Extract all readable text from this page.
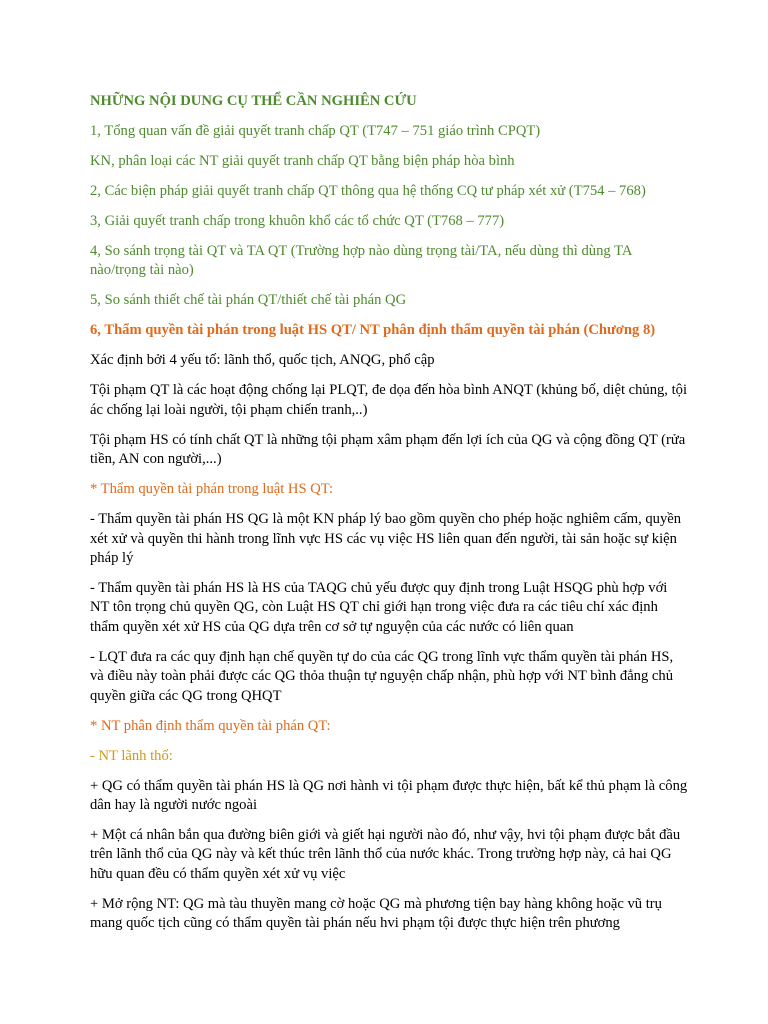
NHỮNG NỘI DUNG CỤ THỂ CẦN NGHIÊN CỨU

1, Tổng quan vấn đề giải quyết tranh chấp QT (T747 – 751 giáo trình CPQT)

KN, phân loại các NT giải quyết tranh chấp QT bằng biện pháp hòa bình

2, Các biện pháp giải quyết tranh chấp QT thông qua hệ thống CQ tư pháp xét xử (T754 – 768)

3, Giải quyết tranh chấp trong khuôn khổ các tổ chức QT (T768 – 777)

4, So sánh trọng tài QT và TA QT (Trường hợp nào dùng trọng tài/TA, nếu dùng thì dùng TA nào/trọng tài nào)

5, So sánh thiết chế tài phán QT/thiết chế tài phán QG

6, Thẩm quyền tài phán trong luật HS QT/ NT phân định thẩm quyền tài phán (Chương 8)

Xác định bởi 4 yếu tố: lãnh thổ, quốc tịch, ANQG, phổ cập

Tội phạm QT là các hoạt động chống lại PLQT, đe dọa đến hòa bình ANQT (khủng bố, diệt chủng, tội ác chống lại loài người, tội phạm chiến tranh,..)

Tội phạm HS có tính chất QT là những tội phạm xâm phạm đến lợi ích của QG và cộng đồng QT (rửa tiền, AN con người,...)

* Thẩm quyền tài phán trong luật HS QT:

- Thẩm quyền tài phán HS QG là một KN pháp lý bao gồm quyền cho phép hoặc nghiêm cấm, quyền xét xử và quyền thi hành trong lĩnh vực HS các vụ việc HS liên quan đến người, tài sản hoặc sự kiện pháp lý

- Thẩm quyền tài phán HS là HS của TAQG chủ yếu được quy định trong Luật HSQG phù hợp với NT tôn trọng chủ quyền QG, còn Luật HS QT chỉ giới hạn trong việc đưa ra các tiêu chí xác định thẩm quyền xét xử HS của QG dựa trên cơ sở tự nguyện của các nước có liên quan

- LQT đưa ra các quy định hạn chế quyền tự do của các QG trong lĩnh vực thẩm quyền tài phán HS, và điều này toàn phải được các QG thỏa thuận tự nguyện chấp nhận, phù hợp với NT bình đẳng chủ quyền giữa các QG trong QHQT

* NT phân định thẩm quyền tài phán QT:

- NT lãnh thổ:

+ QG có thẩm quyền tài phán HS là QG nơi hành vi tội phạm được thực hiện, bất kể thủ phạm là công dân hay là người nước ngoài

+ Một cá nhân bắn qua đường biên giới và giết hại người nào đó, như vậy, hvi tội phạm được bắt đầu trên lãnh thổ của QG này và kết thúc trên lãnh thổ của nước khác. Trong trường hợp này, cả hai QG hữu quan đều có thẩm quyền xét xử vụ việc

+ Mở rộng NT: QG mà tàu thuyền mang cờ hoặc QG mà phương tiện bay hàng không hoặc vũ trụ mang quốc tịch cũng có thẩm quyền tài phán nếu hvi phạm tội được thực hiện trên phương
